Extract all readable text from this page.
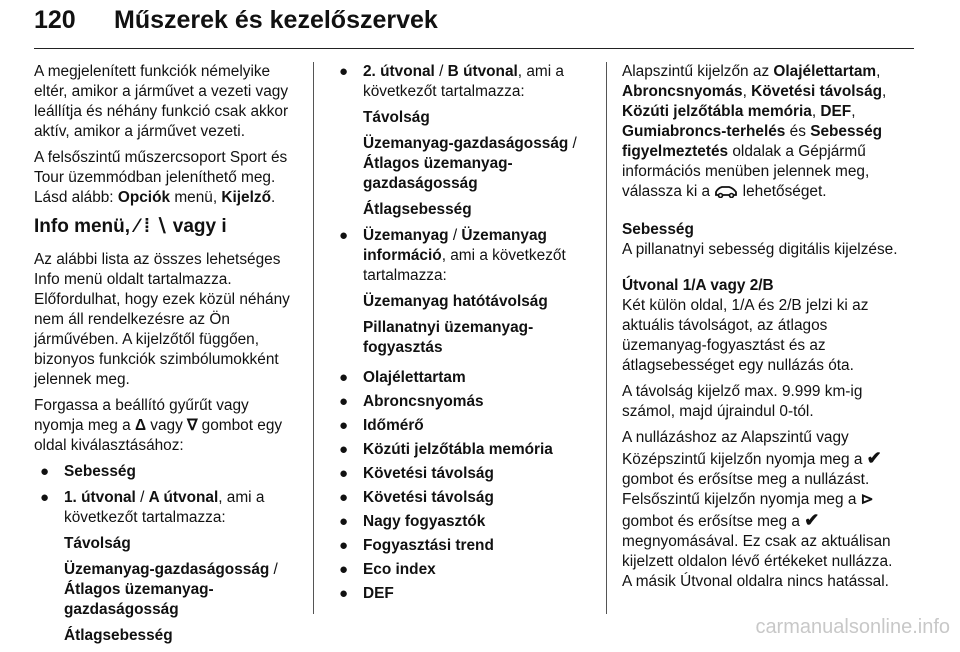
120 Műszerek és kezelőszervek

A megjelenített funkciók némelyike eltér, amikor a járművet a vezeti vagy leállítja és néhány funkció csak akkor aktív, amikor a járművet vezeti.

A felsőszintű műszercsoport Sport és Tour üzemmódban jeleníthető meg. Lásd alább: Opciók menü, Kijelző.

Info menü, ⁄ ⁞ ∖ vagy i

Az alábbi lista az összes lehetséges Info menü oldalt tartalmazza.

Előfordulhat, hogy ezek közül néhány nem áll rendelkezésre az Ön járművében. A kijelzőtől függően, bizonyos funkciók szimbólumokként jelennek meg.

Forgassa a beállító gyűrűt vagy nyomja meg a Δ vagy ∇ gombot egy oldal kiválasztásához:

● Sebesség
● 1. útvonal / A útvonal, ami a következőt tartalmazza:
Távolság
Üzemanyag-gazdaságosság / Átlagos üzemanyag-gazdaságosság
Átlagsebesség
● 2. útvonal / B útvonal, ami a következőt tartalmazza:
Távolság
Üzemanyag-gazdaságosság / Átlagos üzemanyag-gazdaságosság
Átlagsebesség
● Üzemanyag / Üzemanyag információ, ami a következőt tartalmazza:
Üzemanyag hatótávolság
Pillanatnyi üzemanyag-fogyasztás
● Olajélettartam
● Abroncsnyomás
● Időmérő
● Közúti jelzőtábla memória
● Követési távolság
● Követési távolság
● Nagy fogyasztók
● Fogyasztási trend
● Eco index
● DEF

Alapszintű kijelzőn az Olajélettartam, Abroncsnyomás, Követési távolság, Közúti jelzőtábla memória, DEF, Gumiabroncs-terhelés és Sebesség figyelmeztetés oldalak a Gépjármű információs menüben jelennek meg, válassza ki a  lehetőséget.

Sebesség

A pillanatnyi sebesség digitális kijelzése.

Útvonal 1/A vagy 2/B

Két külön oldal, 1/A és 2/B jelzi ki az aktuális távolságot, az átlagos üzemanyag-fogyasztást és az átlagsebességet egy nullázás óta.

A távolság kijelző max. 9.999 km-ig számol, majd újraindul 0-tól.

A nullázáshoz az Alapszintű vagy Középszintű kijelzőn nyomja meg a ✔ gombot és erősítse meg a nullázást. Felsőszintű kijelzőn nyomja meg a ⊳ gombot és erősítse meg a ✔ megnyomásával. Ez csak az aktuálisan kijelzett oldalon lévő értékeket nullázza. A másik Útvonal oldalra nincs hatással.

carmanualsonline.info
